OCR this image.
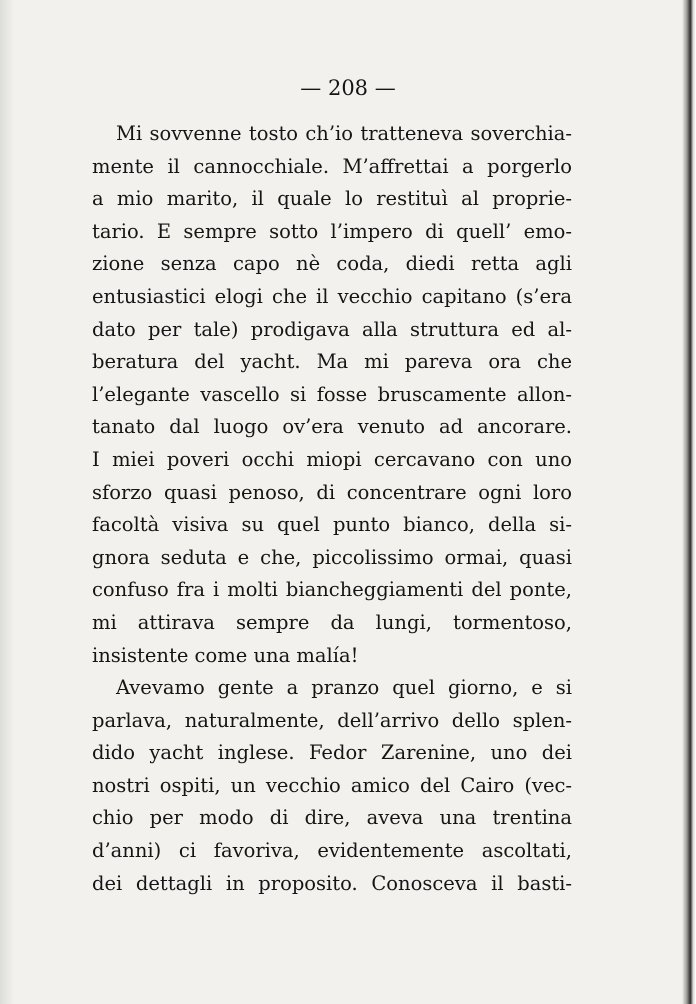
— 208 —
Mi sovvenne tosto ch’io tratteneva soverchia-
mente il cannocchiale. M’affrettai a porgerlo
a mio marito, il quale lo restituì al proprie-
tario. E sempre sotto l’impero di quell’ emo-
zione senza capo nè coda, diedi retta agli
entusiastici elogi che il vecchio capitano (s’era
dato per tale) prodigava alla struttura ed al-
beratura del yacht. Ma mi pareva ora che
l’elegante vascello si fosse bruscamente allon-
tanato dal luogo ov’era venuto ad ancorare.
I miei poveri occhi miopi cercavano con uno
sforzo quasi penoso, di concentrare ogni loro
facoltà visiva su quel punto bianco, della si-
gnora seduta e che, piccolissimo ormai, quasi
confuso fra i molti biancheggiamenti del ponte,
mi attirava sempre da lungi, tormentoso,
insistente come una malía!
Avevamo gente a pranzo quel giorno, e si
parlava, naturalmente, dell’arrivo dello splen-
dido yacht inglese. Fedor Zarenine, uno dei
nostri ospiti, un vecchio amico del Cairo (vec-
chio per modo di dire, aveva una trentina
d’anni) ci favoriva, evidentemente ascoltati,
dei dettagli in proposito. Conosceva il basti-
